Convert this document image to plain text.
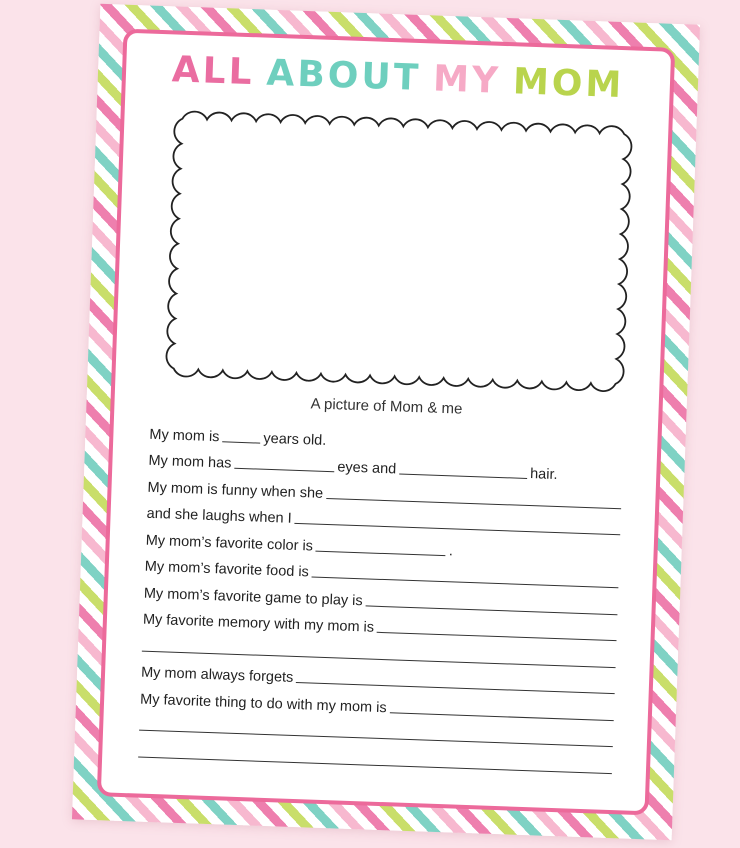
ALL ABOUT MY MOM
A picture of Mom & me
My mom is	years old.
My mom has	eyes and	hair.
My mom is funny when she
and she laughs when I
My mom’s favorite color is	.
My mom’s favorite food is
My mom’s favorite game to play is
My favorite memory with my mom is
My mom always forgets
My favorite thing to do with my mom is
